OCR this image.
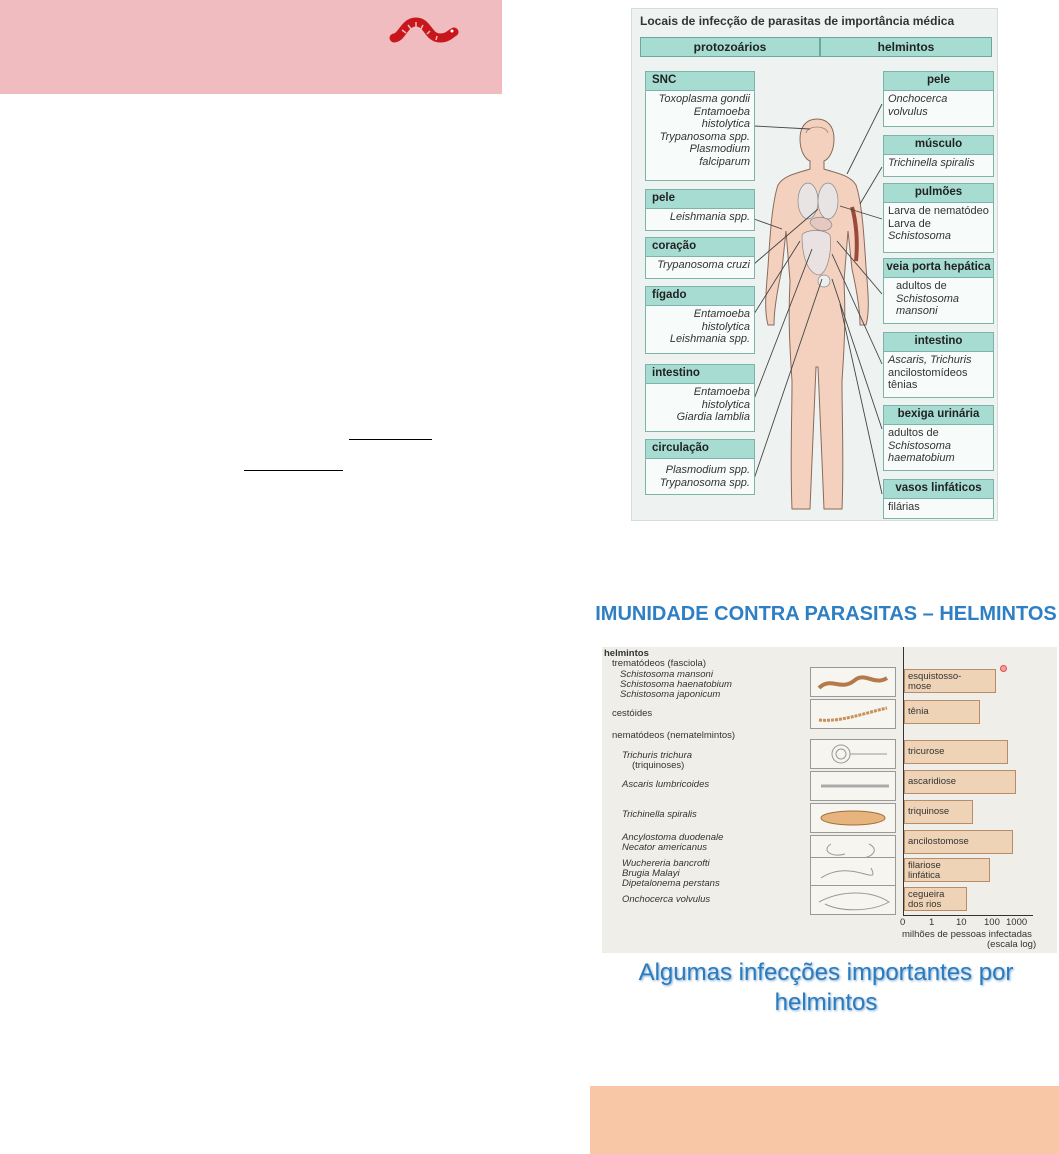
Locais de infecção de parasitas de importância médica
protozoários	helmintos
SNC
Toxoplasma gondii
Entamoeba
histolytica
Trypanosoma spp.
Plasmodium
falciparum
pele
Leishmania spp.
coração
Trypanosoma cruzi
fígado
Entamoeba
histolytica
Leishmania spp.
intestino
Entamoeba
histolytica
Giardia lamblia
circulação
Plasmodium spp.
Trypanosoma spp.
pele
Onchocerca
volvulus
músculo
Trichinella spiralis
pulmões
Larva de nematódeo
Larva de
Schistosoma
veia porta hepática
adultos de
Schistosoma
mansoni
intestino
Ascaris, Trichuris
ancilostomídeos
tênias
bexiga urinária
adultos de
Schistosoma
haematobium
vasos linfáticos
filárias
IMUNIDADE CONTRA PARASITAS – HELMINTOS
helmintos
trematódeos (fasciola)
Schistosoma mansoni
Schistosoma haenatobium
Schistosoma japonicum
cestóides
nematódeos (nematelmintos)
Trichuris trichura
(triquinoses)
Ascaris lumbricoides
Trichinella spiralis
Ancylostoma duodenale
Necator americanus
Wuchereria bancrofti
Brugia Malayi
Dipetalonema perstans
Onchocerca volvulus
esquistosso-
mose
tênia
tricurose
ascaridiose
triquinose
ancilostomose
filariose
linfática
cegueira
dos rios
0 1 10 100 1000
milhões de pessoas infectadas
(escala log)
Algumas infecções importantes por helmintos
